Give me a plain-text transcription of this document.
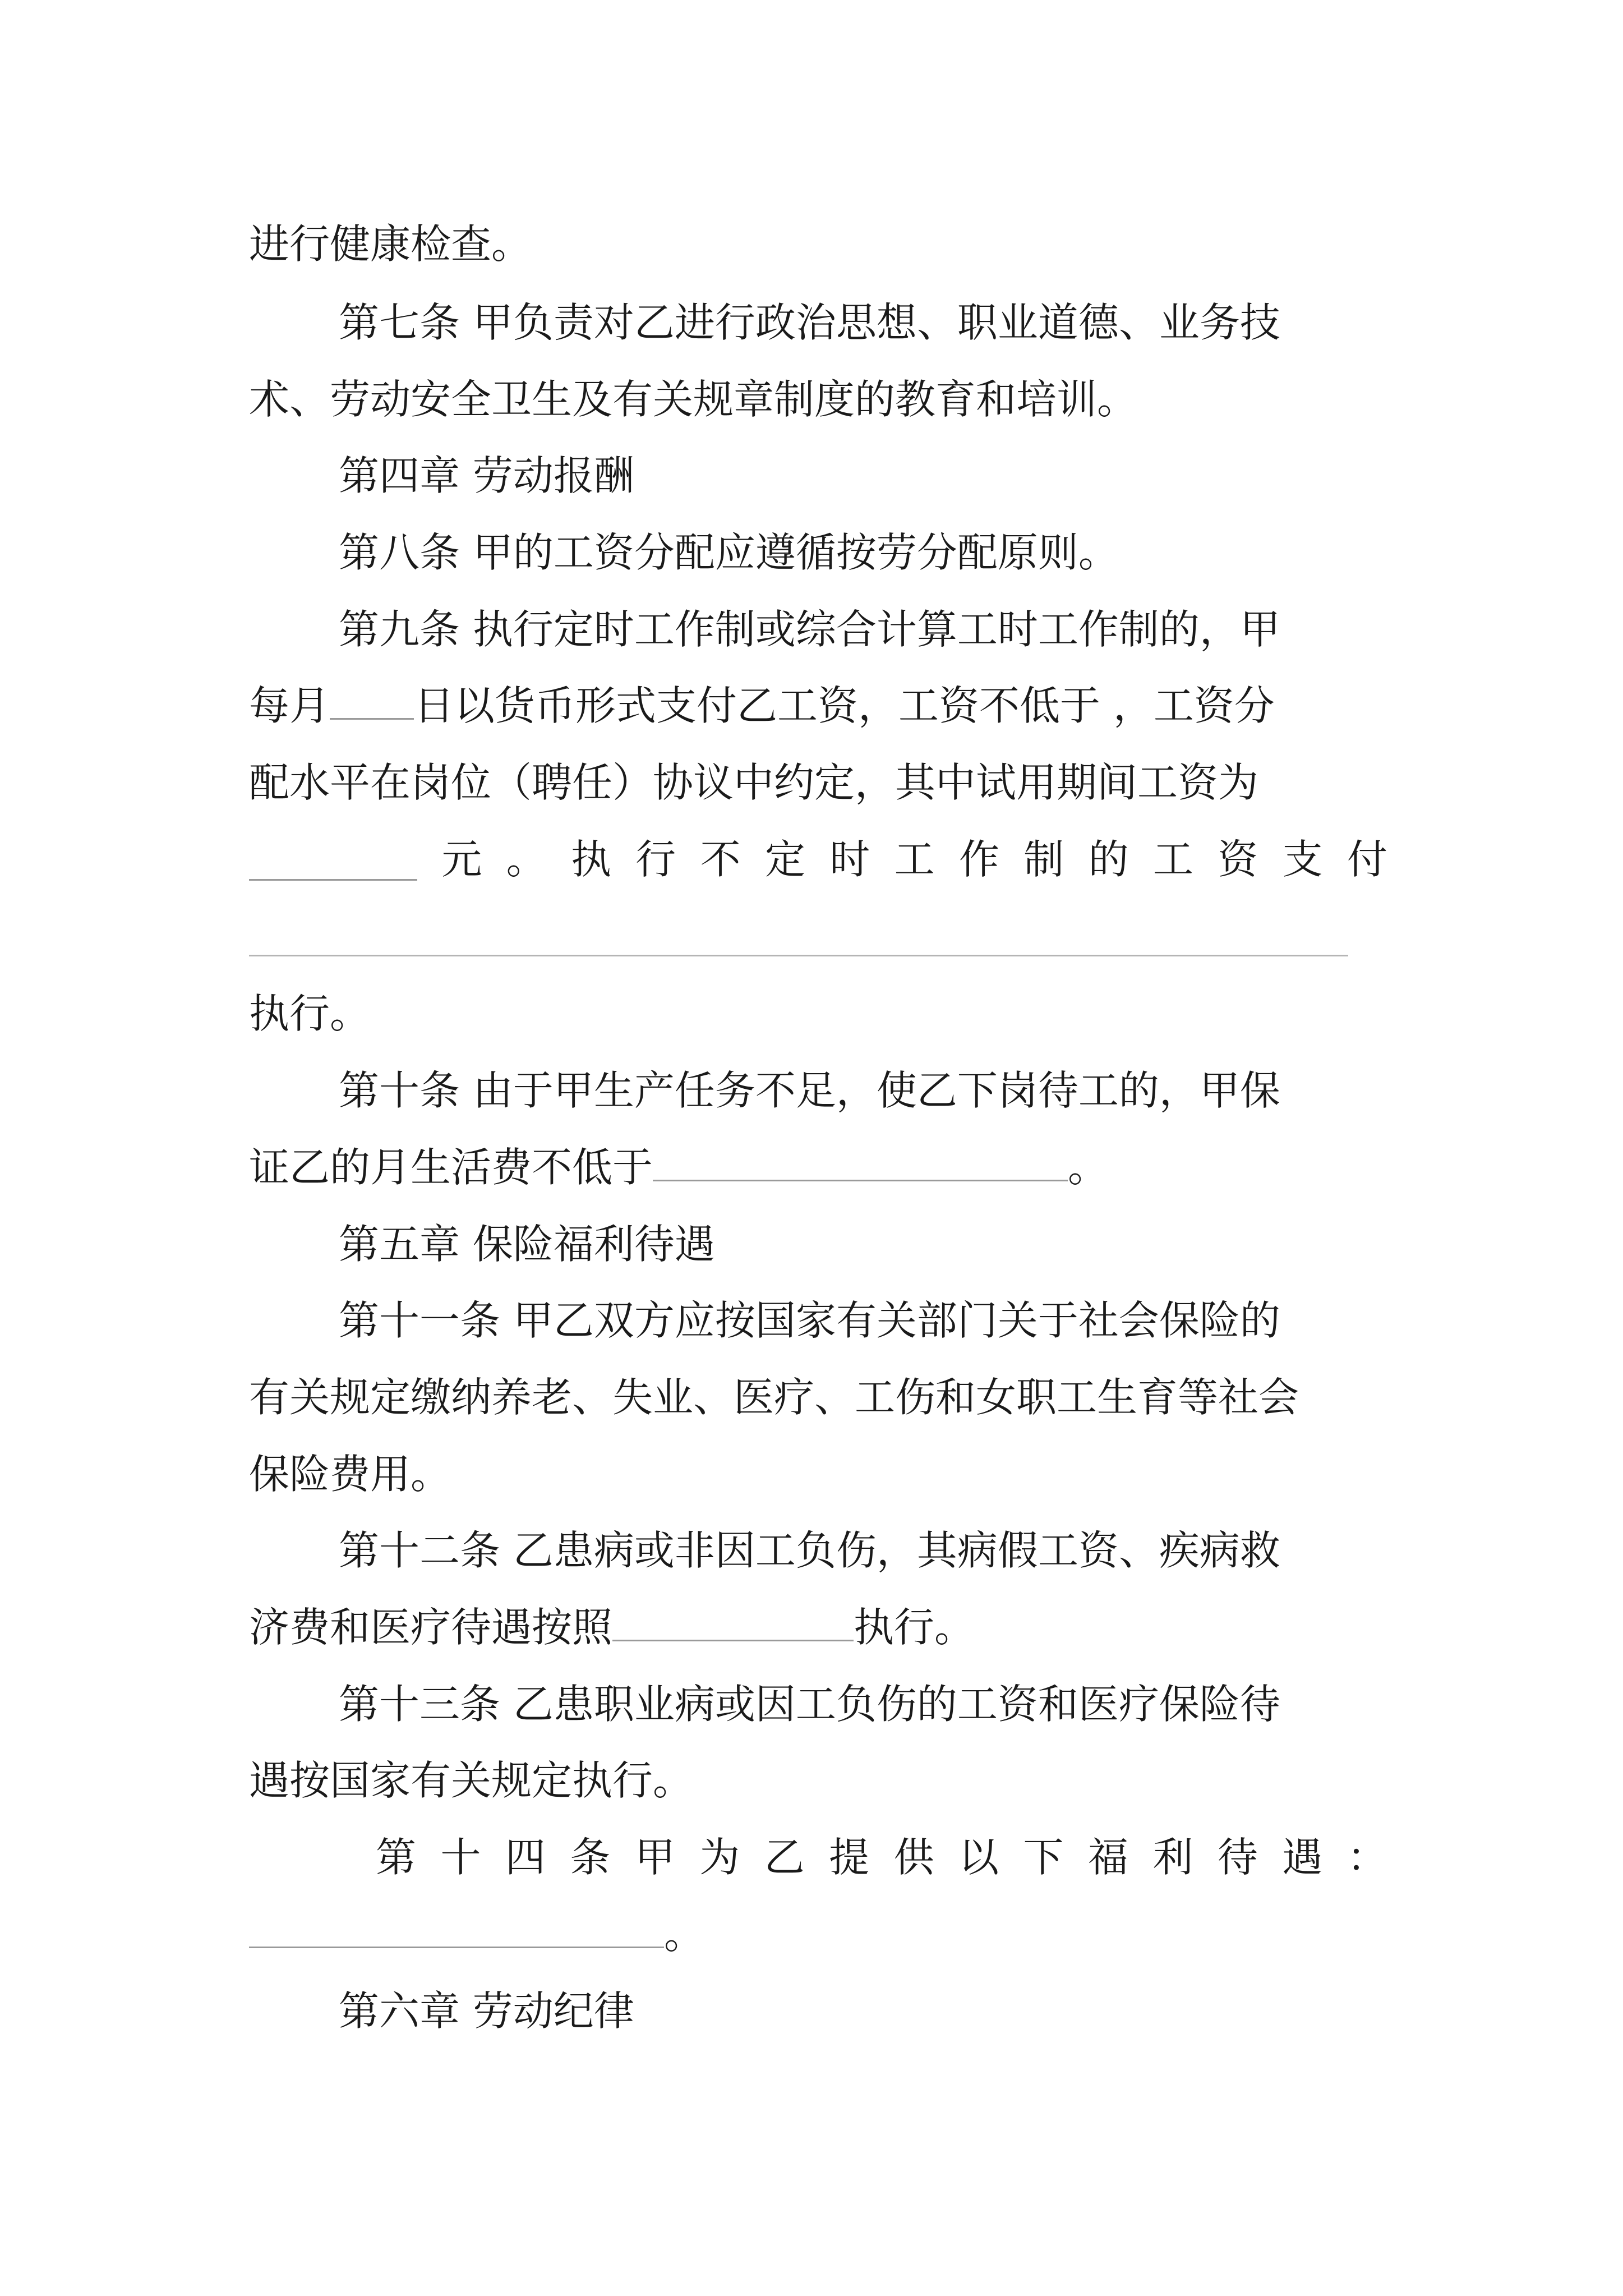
进行健康检查。
第七条 甲负责对乙进行政治思想、职业道德、业务技
术、劳动安全卫生及有关规章制度的教育和培训。
第四章 劳动报酬
第八条 甲的工资分配应遵循按劳分配原则。
第九条 执行定时工作制或综合计算工时工作制的，甲
每月 日以货币形式支付乙工资，工资不低于 ，工资分
配水平在岗位（聘任）协议中约定，其中试用期间工资为
元 。 执 行 不 定 时 工 作 制 的 工 资 支 付
执行。
第十条 由于甲生产任务不足，使乙下岗待工的，甲保
证乙的月生活费不低于	。
第五章 保险福利待遇
第十一条 甲乙双方应按国家有关部门关于社会保险的
有关规定缴纳养老、失业、医疗、工伤和女职工生育等社会
保险费用。
第十二条 乙患病或非因工负伤，其病假工资、疾病救
济费和医疗待遇按照	执行。
第十三条 乙患职业病或因工负伤的工资和医疗保险待
遇按国家有关规定执行。
第 十 四 条 甲 为 乙 提 供 以 下 福 利 待 遇 ：
。
第六章 劳动纪律
